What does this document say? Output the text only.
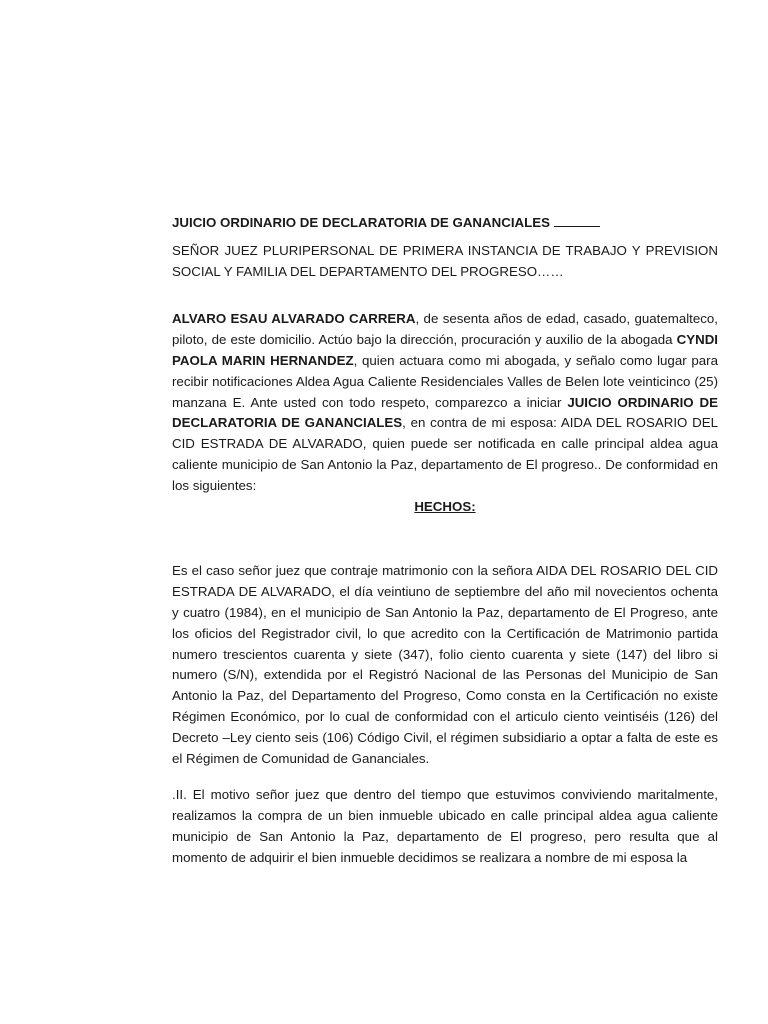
JUICIO ORDINARIO DE DECLARATORIA DE GANANCIALES

SEÑOR JUEZ PLURIPERSONAL DE PRIMERA INSTANCIA DE TRABAJO Y PREVISION SOCIAL Y FAMILIA DEL DEPARTAMENTO DEL PROGRESO……

ALVARO ESAU ALVARADO CARRERA, de sesenta años de edad, casado, guatemalteco, piloto, de este domicilio. Actúo bajo la dirección, procuración y auxilio de la abogada CYNDI PAOLA MARIN HERNANDEZ, quien actuara como mi abogada, y señalo como lugar para recibir notificaciones Aldea Agua Caliente Residenciales Valles de Belen lote veinticinco (25) manzana E. Ante usted con todo respeto, comparezco a iniciar JUICIO ORDINARIO DE DECLARATORIA DE GANANCIALES, en contra de mi esposa: AIDA DEL ROSARIO DEL CID ESTRADA DE ALVARADO, quien puede ser notificada en calle principal aldea agua caliente municipio de San Antonio la Paz, departamento de El progreso.. De conformidad en los siguientes:

HECHOS:

Es el caso señor juez que contraje matrimonio con la señora AIDA DEL ROSARIO DEL CID ESTRADA DE ALVARADO, el día veintiuno de septiembre del año mil novecientos ochenta y cuatro (1984), en el municipio de San Antonio la Paz, departamento de El Progreso, ante los oficios del Registrador civil, lo que acredito con la Certificación de Matrimonio partida numero trescientos cuarenta y siete (347), folio ciento cuarenta y siete (147) del libro si numero (S/N), extendida por el Registró Nacional de las Personas del Municipio de San Antonio la Paz, del Departamento del Progreso, Como consta en la Certificación no existe Régimen Económico, por lo cual de conformidad con el articulo ciento veintiséis (126) del Decreto –Ley ciento seis (106) Código Civil, el régimen subsidiario a optar a falta de este es el Régimen de Comunidad de Gananciales.

.II. El motivo señor juez que dentro del tiempo que estuvimos conviviendo maritalmente, realizamos la compra de un bien inmueble ubicado en calle principal aldea agua caliente municipio de San Antonio la Paz, departamento de El progreso, pero resulta que al momento de adquirir el bien inmueble decidimos se realizara a nombre de mi esposa la
